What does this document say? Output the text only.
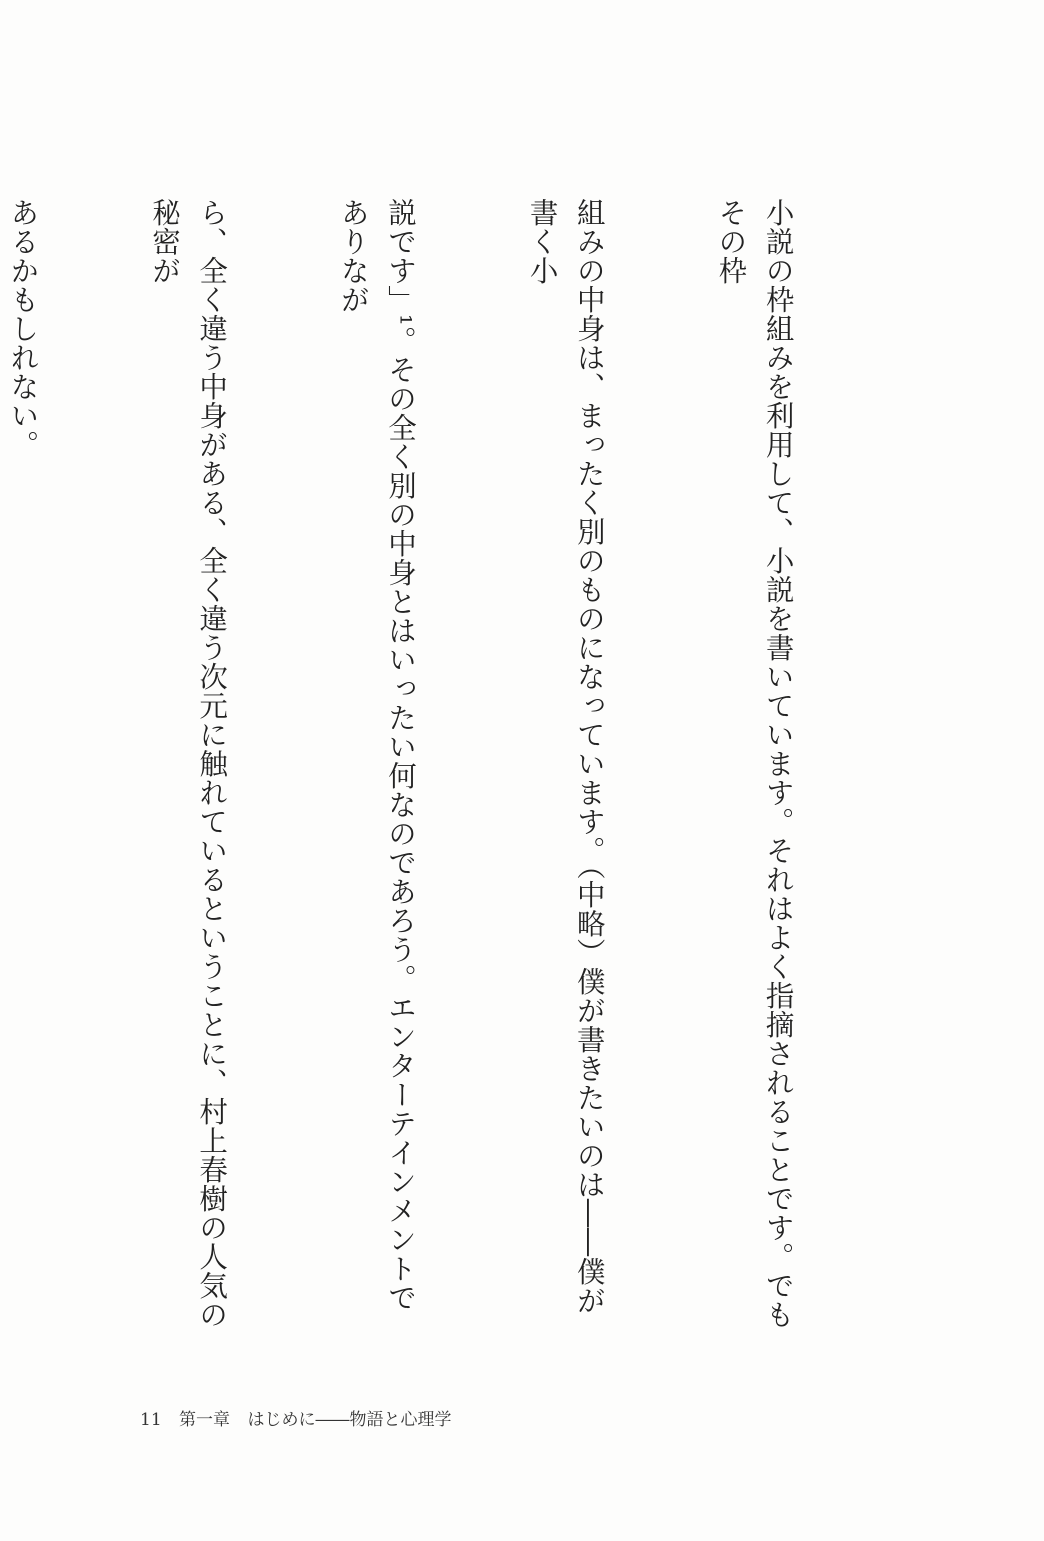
小説の枠組みを利用して、小説を書いています。それはよく指摘されることです。でもその枠

組みの中身は、まったく別のものになっています。（中略）僕が書きたいのは――僕が書く小

説です」¹。その全く別の中身とはいったい何なのであろう。エンターテインメントでありなが

ら、全く違う中身がある、全く違う次元に触れているということに、村上春樹の人気の秘密が

あるかもしれない。

11 第一章 はじめに――物語と心理学
